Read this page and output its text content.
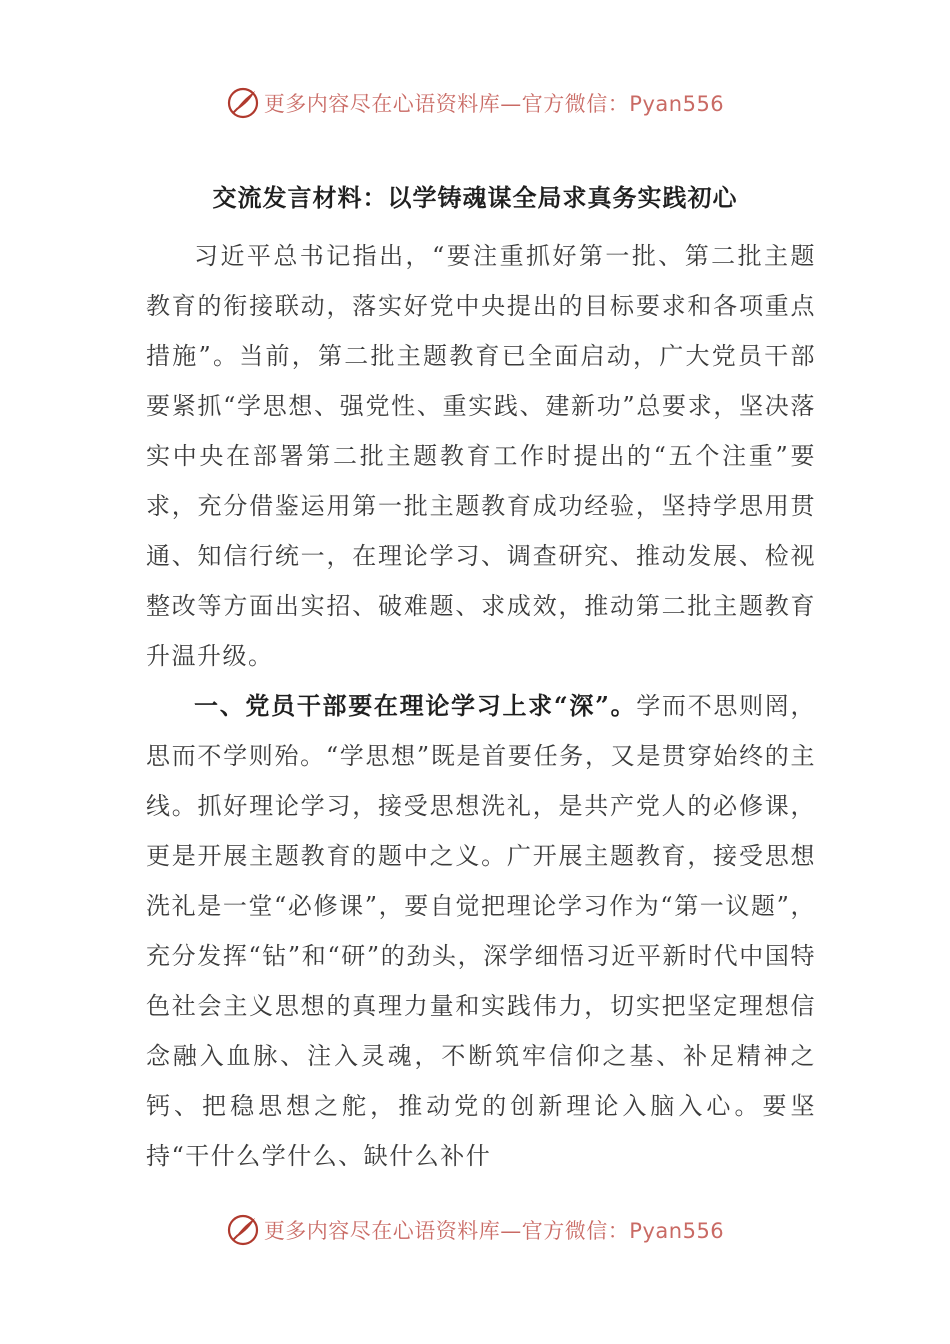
更多内容尽在心语资料库—官方微信：Pyan556
交流发言材料：以学铸魂谋全局求真务实践初心

习近平总书记指出，“要注重抓好第一批、第二批主题教育的衔接联动，落实好党中央提出的目标要求和各项重点措施”。当前，第二批主题教育已全面启动，广大党员干部要紧抓“学思想、强党性、重实践、建新功”总要求，坚决落实中央在部署第二批主题教育工作时提出的“五个注重”要求，充分借鉴运用第一批主题教育成功经验，坚持学思用贯通、知信行统一，在理论学习、调查研究、推动发展、检视整改等方面出实招、破难题、求成效，推动第二批主题教育升温升级。

一、党员干部要在理论学习上求“深”。学而不思则罔，思而不学则殆。“学思想”既是首要任务，又是贯穿始终的主线。抓好理论学习，接受思想洗礼，是共产党人的必修课，更是开展主题教育的题中之义。广开展主题教育，接受思想洗礼是一堂“必修课”，要自觉把理论学习作为“第一议题”，充分发挥“钻”和“研”的劲头，深学细悟习近平新时代中国特色社会主义思想的真理力量和实践伟力，切实把坚定理想信念融入血脉、注入灵魂，不断筑牢信仰之基、补足精神之钙、把稳思想之舵，推动党的创新理论入脑入心。要坚持“干什么学什么、缺什么补什

更多内容尽在心语资料库—官方微信：Pyan556
